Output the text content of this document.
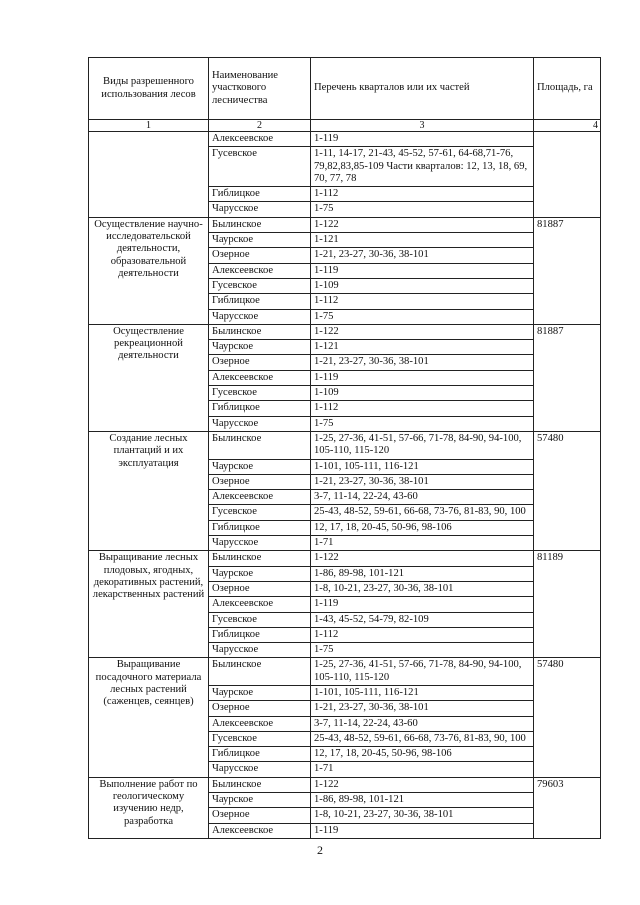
Виды разрешенного использования лесов	Наименование участкового лесничества	Перечень кварталов или их частей	Площадь, га
1	2	3	4
	Алексеевское	1-119	
	Гусевское	1-11, 14-17, 21-43, 45-52, 57-61, 64-68,71-76, 79,82,83,85-109 Части кварталов: 12, 13, 18, 69, 70, 77, 78	
	Гиблицкое	1-112	
	Чарусское	1-75	
Осуществление научно-исследовательской деятельности, образовательной деятельности	Былинское	1-122	81887
	Чаурское	1-121	
	Озерное	1-21, 23-27, 30-36, 38-101	
	Алексеевское	1-119	
	Гусевское	1-109	
	Гиблицкое	1-112	
	Чарусское	1-75	
Осуществление рекреационной деятельности	Былинское	1-122	81887
	Чаурское	1-121	
	Озерное	1-21, 23-27, 30-36, 38-101	
	Алексеевское	1-119	
	Гусевское	1-109	
	Гиблицкое	1-112	
	Чарусское	1-75	
Создание лесных плантаций и их эксплуатация	Былинское	1-25, 27-36, 41-51, 57-66, 71-78, 84-90, 94-100, 105-110, 115-120	57480
	Чаурское	1-101, 105-111, 116-121	
	Озерное	1-21, 23-27, 30-36, 38-101	
	Алексеевское	3-7, 11-14, 22-24, 43-60	
	Гусевское	25-43, 48-52, 59-61, 66-68, 73-76, 81-83, 90, 100	
	Гиблицкое	12, 17, 18, 20-45, 50-96, 98-106	
	Чарусское	1-71	
Выращивание лесных плодовых, ягодных, декоративных растений, лекарственных растений	Былинское	1-122	81189
	Чаурское	1-86, 89-98, 101-121	
	Озерное	1-8, 10-21, 23-27, 30-36, 38-101	
	Алексеевское	1-119	
	Гусевское	1-43, 45-52, 54-79, 82-109	
	Гиблицкое	1-112	
	Чарусское	1-75	
Выращивание посадочного материала лесных растений (саженцев, сеянцев)	Былинское	1-25, 27-36, 41-51, 57-66, 71-78, 84-90, 94-100, 105-110, 115-120	57480
	Чаурское	1-101, 105-111, 116-121	
	Озерное	1-21, 23-27, 30-36, 38-101	
	Алексеевское	3-7, 11-14, 22-24, 43-60	
	Гусевское	25-43, 48-52, 59-61, 66-68, 73-76, 81-83, 90, 100	
	Гиблицкое	12, 17, 18, 20-45, 50-96, 98-106	
	Чарусское	1-71	
Выполнение работ по геологическому изучению недр, разработка	Былинское	1-122	79603
	Чаурское	1-86, 89-98, 101-121	
	Озерное	1-8, 10-21, 23-27, 30-36, 38-101	
	Алексеевское	1-119	
2
